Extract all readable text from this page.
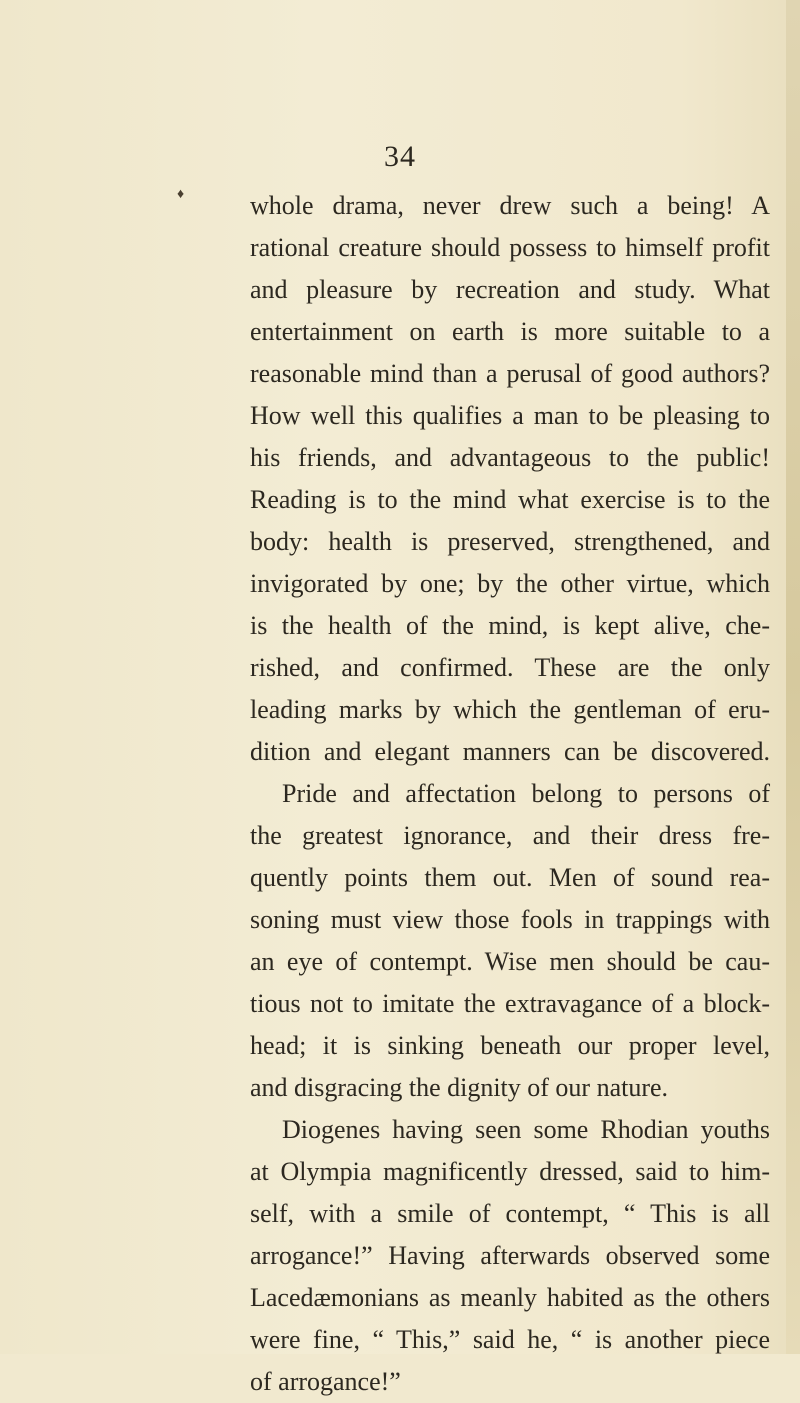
34
♦	whole drama, never drew such a being! A
rational creature should possess to himself profit
and pleasure by recreation and study. What
entertainment on earth is more suitable to a
reasonable mind than a perusal of good authors?
How well this qualifies a man to be pleasing to
his friends, and advantageous to the public!
Reading is to the mind what exercise is to the
body: health is preserved, strengthened, and
invigorated by one; by the other virtue, which
is the health of the mind, is kept alive, che-
rished, and confirmed. These are the only
leading marks by which the gentleman of eru-
dition and elegant manners can be discovered.
Pride and affectation belong to persons of
the greatest ignorance, and their dress fre-
quently points them out. Men of sound rea-
soning must view those fools in trappings with
an eye of contempt. Wise men should be cau-
tious not to imitate the extravagance of a block-
head; it is sinking beneath our proper level,
and disgracing the dignity of our nature.
Diogenes having seen some Rhodian youths
at Olympia magnificently dressed, said to him-
self, with a smile of contempt, “ This is all
arrogance!” Having afterwards observed some
Lacedæmonians as meanly habited as the others
were fine, “ This,” said he, “ is another piece
of arrogance!”
